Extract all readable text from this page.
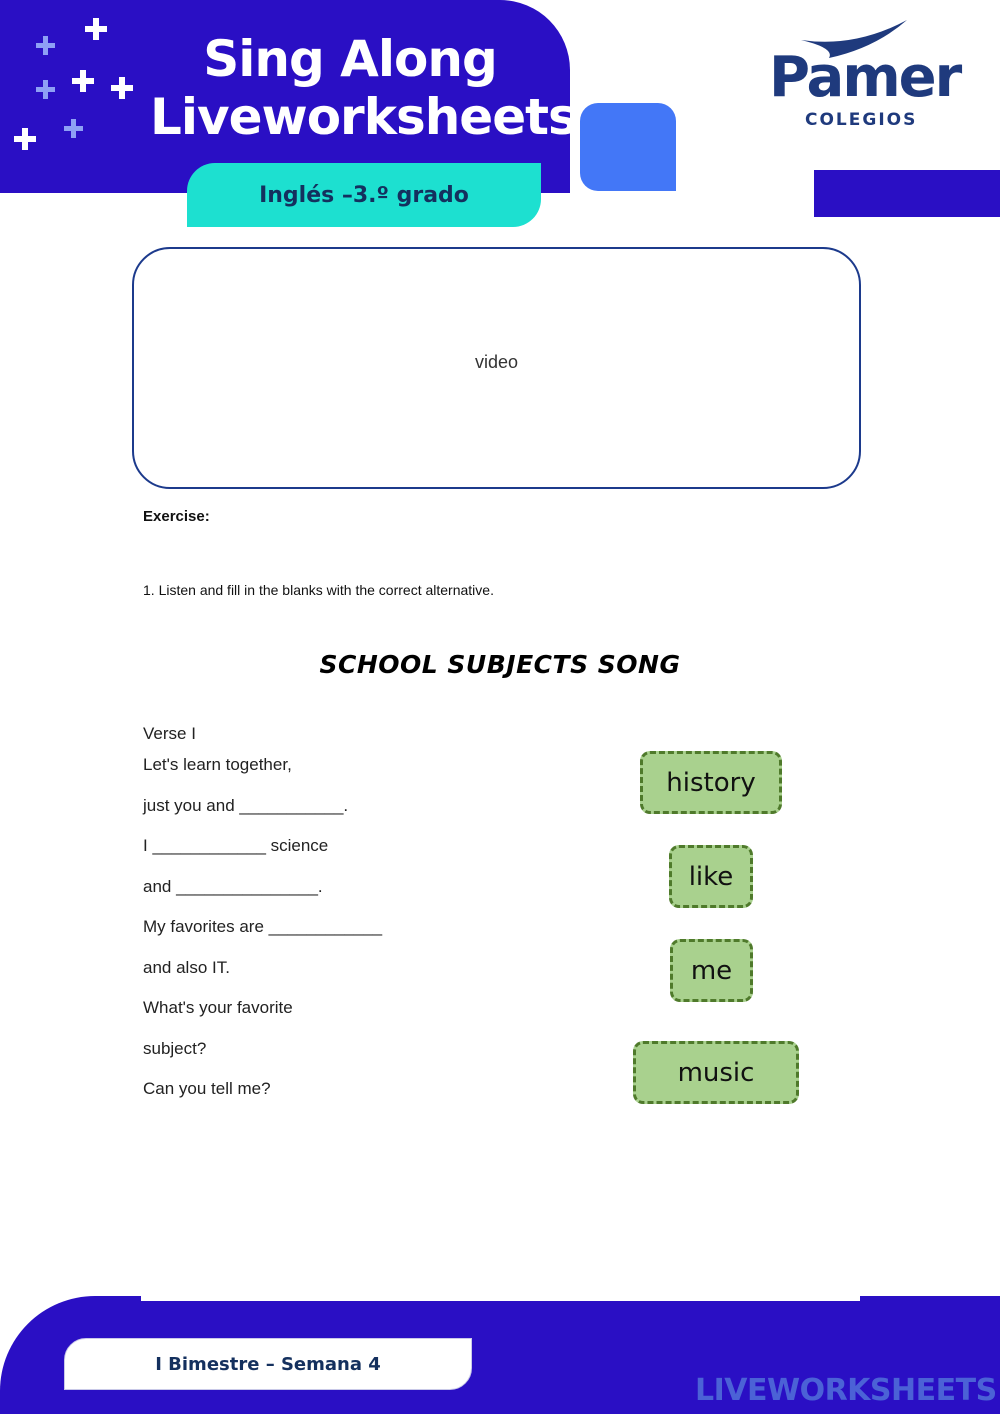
Sing Along
Liveworksheets
Inglés –3.º grado
Pamer
COLEGIOS
video
Exercise:
1. Listen and fill in the blanks with the correct alternative.
SCHOOL SUBJECTS SONG
Verse I
Let's learn together,
just you and ___________.
I ____________ science
and _______________.
My favorites are ____________
and also IT.
What's your favorite
subject?
Can you tell me?
history
like
me
music
I Bimestre – Semana 4
LIVEWORKSHEETS
